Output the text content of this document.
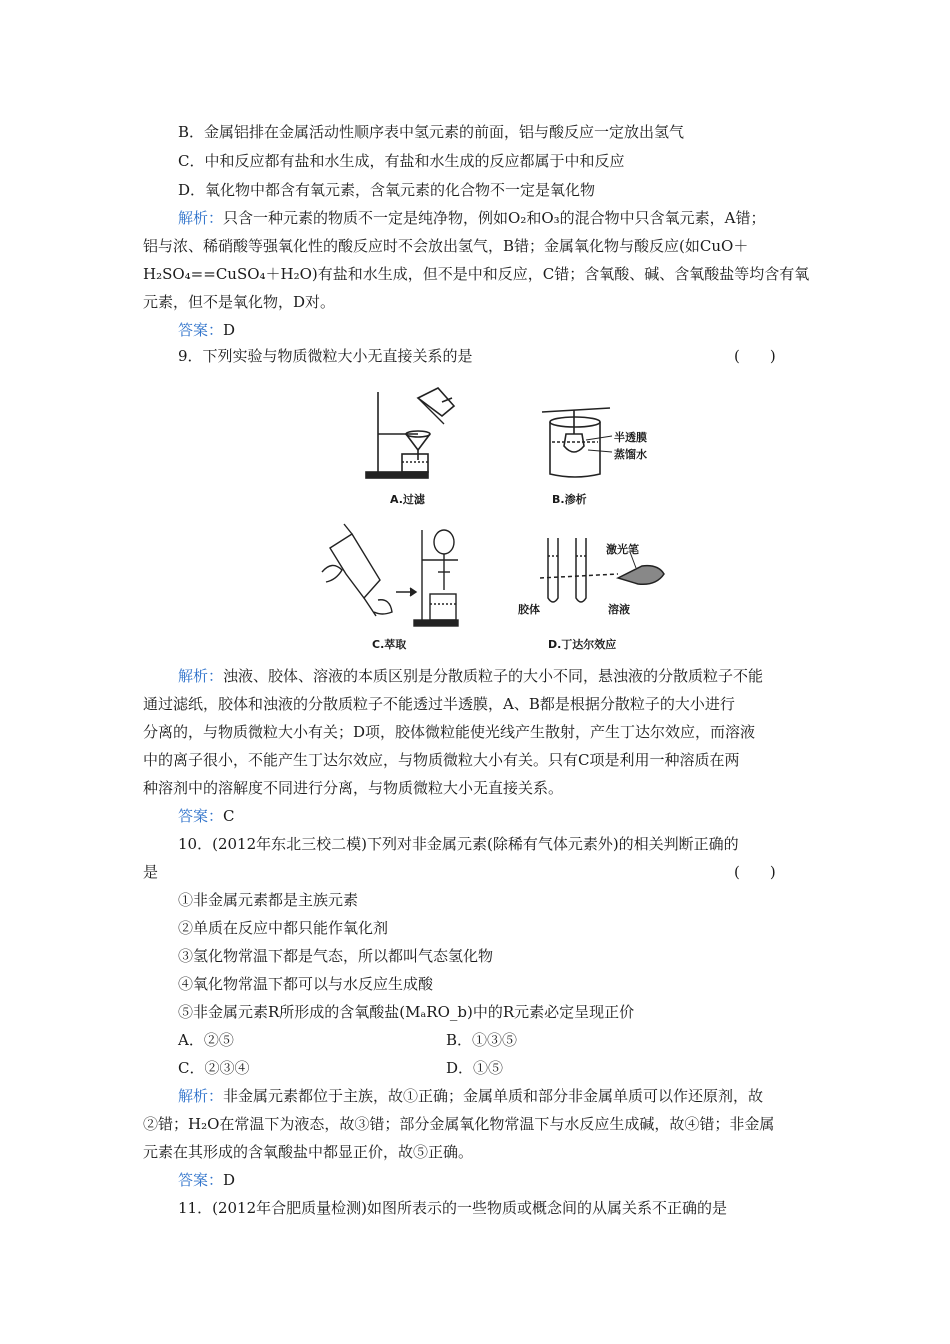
B．金属铝排在金属活动性顺序表中氢元素的前面，铝与酸反应一定放出氢气
C．中和反应都有盐和水生成，有盐和水生成的反应都属于中和反应
D．氧化物中都含有氧元素，含氧元素的化合物不一定是氧化物
解析：只含一种元素的物质不一定是纯净物，例如O₂和O₃的混合物中只含氧元素，A错；
铝与浓、稀硝酸等强氧化性的酸反应时不会放出氢气，B错；金属氧化物与酸反应(如CuO＋
H₂SO₄==CuSO₄＋H₂O)有盐和水生成，但不是中和反应，C错；含氧酸、碱、含氧酸盐等均含有氧
元素，但不是氧化物，D对。
答案：D
9．下列实验与物质微粒大小无直接关系的是	(　　)
A.过滤
半透膜
蒸馏水
B.渗析
C.萃取
激光笔
胶体	溶液
D.丁达尔效应
解析：浊液、胶体、溶液的本质区别是分散质粒子的大小不同，悬浊液的分散质粒子不能
通过滤纸，胶体和浊液的分散质粒子不能透过半透膜，A、B都是根据分散粒子的大小进行
分离的，与物质微粒大小有关；D项，胶体微粒能使光线产生散射，产生丁达尔效应，而溶液
中的离子很小，不能产生丁达尔效应，与物质微粒大小有关。只有C项是利用一种溶质在两
种溶剂中的溶解度不同进行分离，与物质微粒大小无直接关系。
答案：C
10．(2012年东北三校二模)下列对非金属元素(除稀有气体元素外)的相关判断正确的
是	(　　)
①非金属元素都是主族元素
②单质在反应中都只能作氧化剂
③氢化物常温下都是气态，所以都叫气态氢化物
④氧化物常温下都可以与水反应生成酸
⑤非金属元素R所形成的含氧酸盐(MₐRO_b)中的R元素必定呈现正价
A．②⑤	B．①③⑤
C．②③④	D．①⑤
解析：非金属元素都位于主族，故①正确；金属单质和部分非金属单质可以作还原剂，故
②错；H₂O在常温下为液态，故③错；部分金属氧化物常温下与水反应生成碱，故④错；非金属
元素在其形成的含氧酸盐中都显正价，故⑤正确。
答案：D
11．(2012年合肥质量检测)如图所表示的一些物质或概念间的从属关系不正确的是
